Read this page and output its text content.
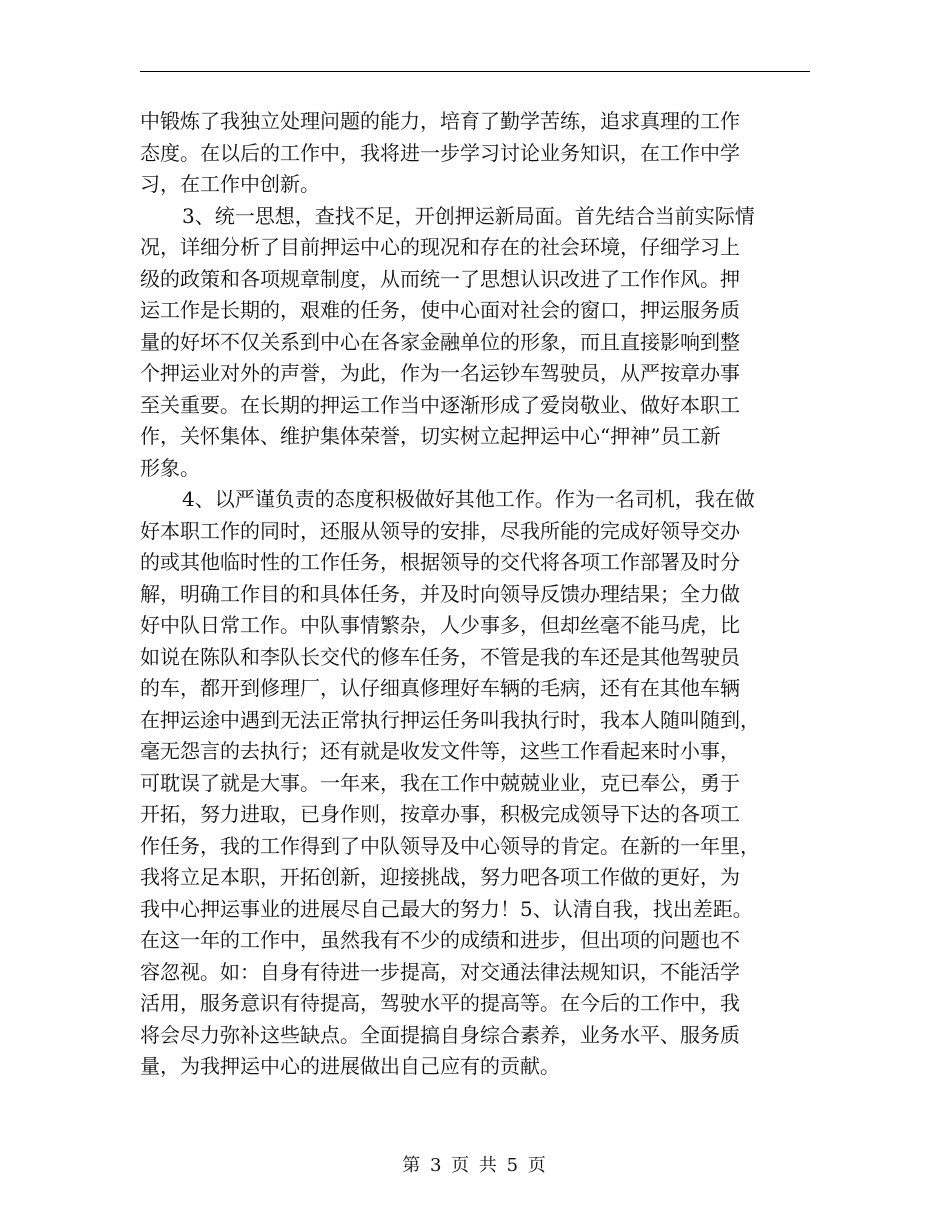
中锻炼了我独立处理问题的能力，培育了勤学苦练，追求真理的工作
态度。在以后的工作中，我将进一步学习讨论业务知识，在工作中学
习，在工作中创新。
3、统一思想，查找不足，开创押运新局面。首先结合当前实际情
况，详细分析了目前押运中心的现况和存在的社会环境，仔细学习上
级的政策和各项规章制度，从而统一了思想认识改进了工作作风。押
运工作是长期的，艰难的任务，使中心面对社会的窗口，押运服务质
量的好坏不仅关系到中心在各家金融单位的形象，而且直接影响到整
个押运业对外的声誉，为此，作为一名运钞车驾驶员，从严按章办事
至关重要。在长期的押运工作当中逐渐形成了爱岗敬业、做好本职工
作，关怀集体、维护集体荣誉，切实树立起押运中心“押神”员工新
形象。
4、以严谨负责的态度积极做好其他工作。作为一名司机，我在做
好本职工作的同时，还服从领导的安排，尽我所能的完成好领导交办
的或其他临时性的工作任务，根据领导的交代将各项工作部署及时分
解，明确工作目的和具体任务，并及时向领导反馈办理结果；全力做
好中队日常工作。中队事情繁杂，人少事多，但却丝毫不能马虎，比
如说在陈队和李队长交代的修车任务，不管是我的车还是其他驾驶员
的车，都开到修理厂，认仔细真修理好车辆的毛病，还有在其他车辆
在押运途中遇到无法正常执行押运任务叫我执行时，我本人随叫随到，
毫无怨言的去执行；还有就是收发文件等，这些工作看起来时小事，
可耽误了就是大事。一年来，我在工作中兢兢业业，克已奉公，勇于
开拓，努力进取，已身作则，按章办事，积极完成领导下达的各项工
作任务，我的工作得到了中队领导及中心领导的肯定。在新的一年里，
我将立足本职，开拓创新，迎接挑战，努力吧各项工作做的更好，为
我中心押运事业的进展尽自己最大的努力！5、认清自我，找出差距。
在这一年的工作中，虽然我有不少的成绩和进步，但出项的问题也不
容忽视。如：自身有待进一步提高，对交通法律法规知识，不能活学
活用，服务意识有待提高，驾驶水平的提高等。在今后的工作中，我
将会尽力弥补这些缺点。全面提搞自身综合素养，业务水平、服务质
量，为我押运中心的进展做出自己应有的贡献。
第 3 页 共 5 页
